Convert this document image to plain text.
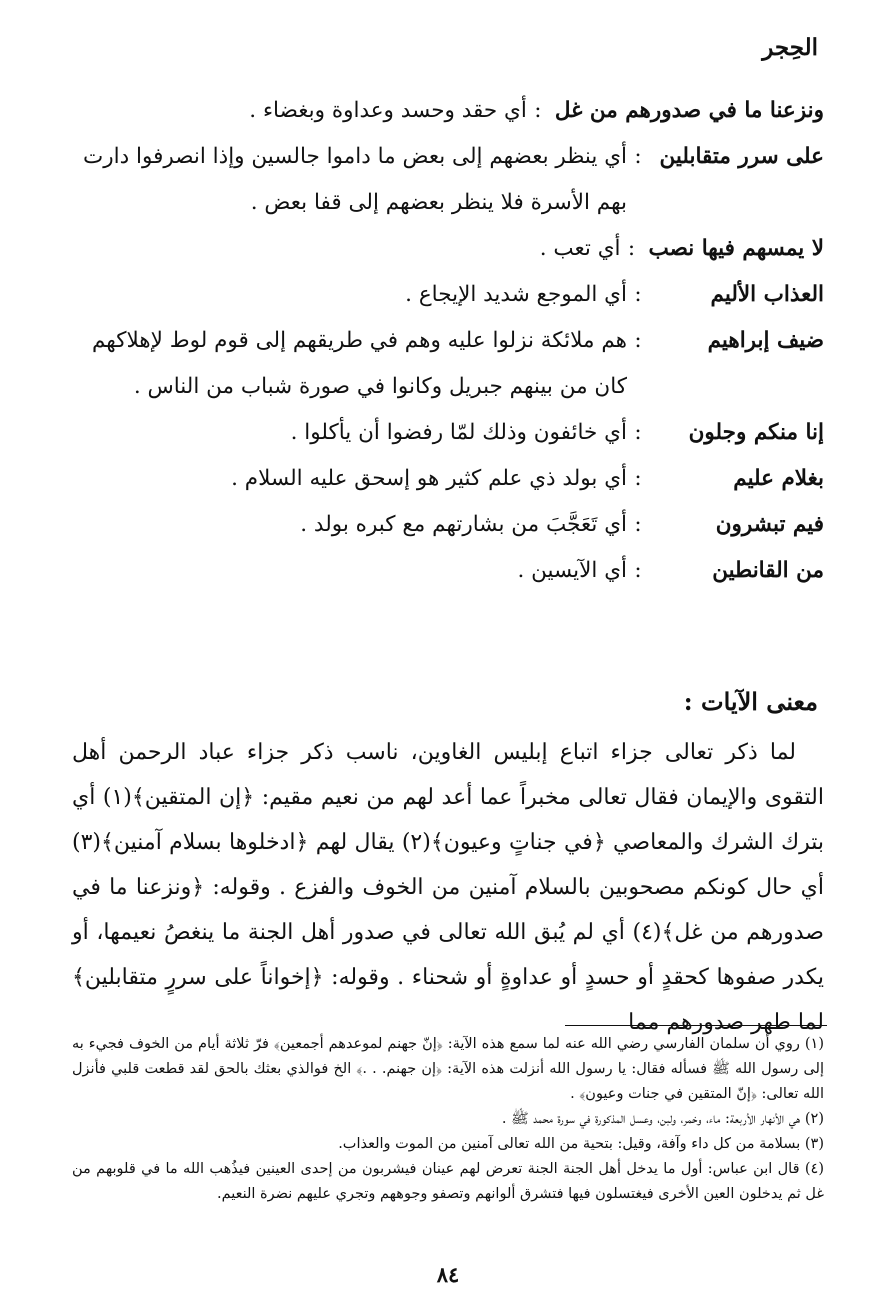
الحِجر
ونزعنا ما في صدورهم من غل
:
أي حقد وحسد وعداوة وبغضاء .
على سرر متقابلين
:
أي ينظر بعضهم إلى بعض ما داموا جالسين وإذا انصرفوا دارت بهم الأسرة فلا ينظر بعضهم إلى قفا بعض .
لا يمسهم فيها نصب
:
أي تعب .
العذاب الأليم
:
أي الموجع شديد الإيجاع .
ضيف إبراهيم
:
هم ملائكة نزلوا عليه وهم في طريقهم إلى قوم لوط لإهلاكهم كان من بينهم جبريل وكانوا في صورة شباب من الناس .
إنا منكم وجلون
:
أي خائفون وذلك لمّا رفضوا أن يأكلوا .
بغلام عليم
:
أي بولد ذي علم كثير هو إسحق عليه السلام .
فيم تبشرون
:
أي تَعَجَّبَ من بشارتهم مع كبره بولد .
من القانطين
:
أي الآيسين .
معنى الآيات :

لما ذكر تعالى جزاء اتباع إبليس الغاوين، ناسب ذكر جزاء عباد الرحمن أهل التقوى والإيمان فقال تعالى مخبراً عما أعد لهم من نعيم مقيم: ﴿إن المتقين﴾(١) أي بترك الشرك والمعاصي ﴿في جناتٍ وعيون﴾(٢) يقال لهم ﴿ادخلوها بسلام آمنين﴾(٣) أي حال كونكم مصحوبين بالسلام آمنين من الخوف والفزع . وقوله: ﴿ونزعنا ما في صدورهم من غل﴾(٤) أي لم يُبق الله تعالى في صدور أهل الجنة ما ينغصُ نعيمها، أو يكدر صفوها كحقدٍ أو حسدٍ أو عداوةٍ أو شحناء . وقوله: ﴿إخواناً على سررٍ متقابلين﴾ لما طهر صدورهم مما

(١) روي أن سلمان الفارسي رضي الله عنه لما سمع هذه الآية: ﴿إنّ جهنم لموعدهم أجمعين﴾ فرّ ثلاثة أيام من الخوف فجيء به إلى رسول الله ﷺ فسأله فقال: يا رسول الله أنزلت هذه الآية: ﴿إن جهنم. . .﴾ الخ فوالذي بعثك بالحق لقد قطعت قلبي فأنزل الله تعالى: ﴿إنّ المتقين في جنات وعيون﴾ .
(٢) هي الأنهار الأربعة: ماء، وخمر، ولبن، وعسل المذكورة في سورة محمد ﷺ .
(٣) بسلامة من كل داء وآفة، وقيل: بتحية من الله تعالى آمنين من الموت والعذاب.
(٤) قال ابن عباس: أول ما يدخل أهل الجنة الجنة تعرض لهم عينان فيشربون من إحدى العينين فيذُهب الله ما في قلوبهم من غل ثم يدخلون العين الأخرى فيغتسلون فيها فتشرق ألوانهم وتصفو وجوههم وتجري عليهم نضرة النعيم.
٨٤
